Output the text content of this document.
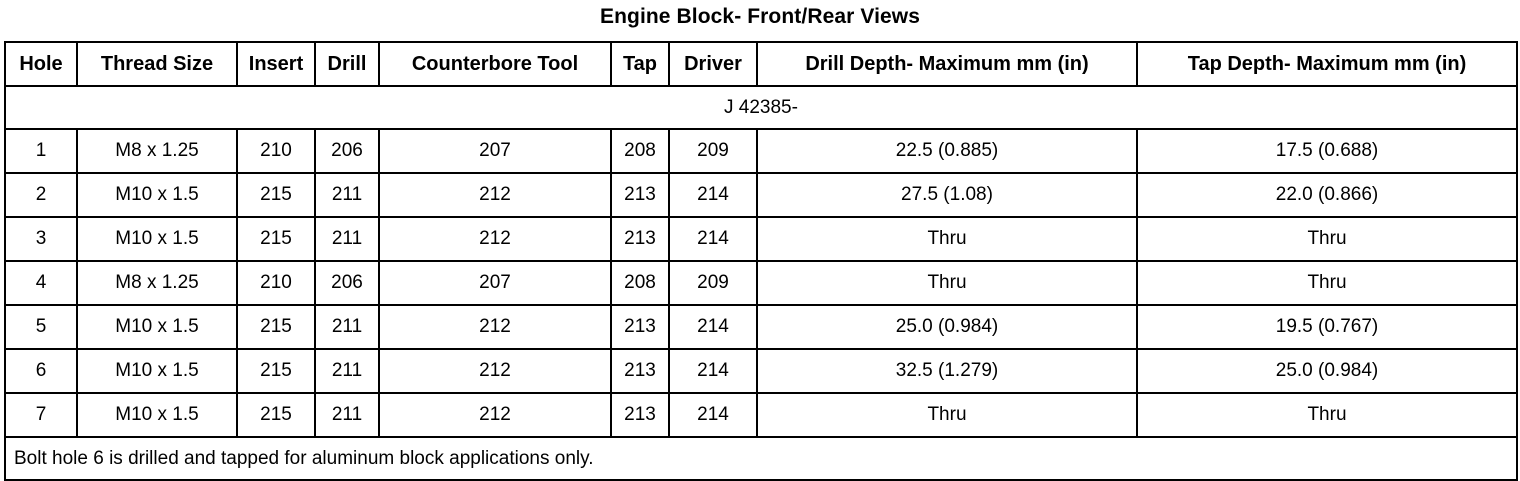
Engine Block- Front/Rear Views
Hole	Thread Size	Insert	Drill	Counterbore Tool	Tap	Driver	Drill Depth- Maximum mm (in)	Tap Depth- Maximum mm (in)
J 42385-								
1	M8 x 1.25	210	206	207	208	209	22.5 (0.885)	17.5 (0.688)
2	M10 x 1.5	215	211	212	213	214	27.5 (1.08)	22.0 (0.866)
3	M10 x 1.5	215	211	212	213	214	Thru	Thru
4	M8 x 1.25	210	206	207	208	209	Thru	Thru
5	M10 x 1.5	215	211	212	213	214	25.0 (0.984)	19.5 (0.767)
6	M10 x 1.5	215	211	212	213	214	32.5 (1.279)	25.0 (0.984)
7	M10 x 1.5	215	211	212	213	214	Thru	Thru
Bolt hole 6 is drilled and tapped for aluminum block applications only.								
